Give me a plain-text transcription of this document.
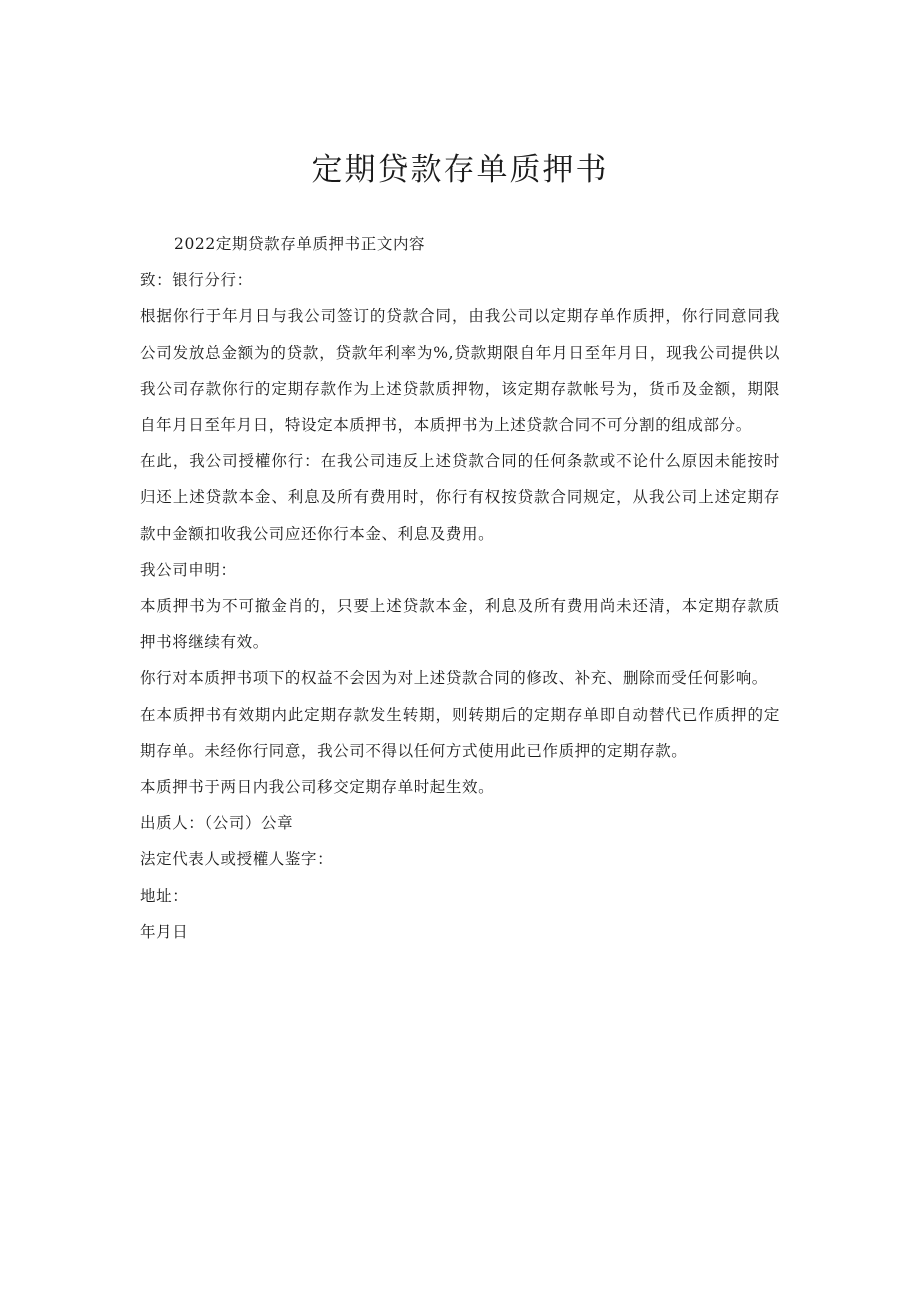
定期贷款存单质押书

2022定期贷款存单质押书正文内容

致：银行分行：

根据你行于年月日与我公司签订的贷款合同，由我公司以定期存单作质押，你行同意同我公司发放总金额为的贷款，贷款年利率为%,贷款期限自年月日至年月日，现我公司提供以我公司存款你行的定期存款作为上述贷款质押物，该定期存款帐号为，货币及金额，期限自年月日至年月日，特设定本质押书，本质押书为上述贷款合同不可分割的组成部分。

在此，我公司授權你行：在我公司违反上述贷款合同的任何条款或不论什么原因未能按时归还上述贷款本金、利息及所有费用时，你行有权按贷款合同规定，从我公司上述定期存款中金额扣收我公司应还你行本金、利息及费用。

我公司申明：

本质押书为不可撤金肖的，只要上述贷款本金，利息及所有费用尚未还清，本定期存款质押书将继续有效。

你行对本质押书项下的权益不会因为对上述贷款合同的修改、补充、删除而受任何影响。

在本质押书有效期内此定期存款发生转期，则转期后的定期存单即自动替代已作质押的定期存单。未经你行同意，我公司不得以任何方式使用此已作质押的定期存款。

本质押书于两日内我公司移交定期存单时起生效。

出质人：（公司）公章

法定代表人或授權人鉴字：

地址：

年月日
